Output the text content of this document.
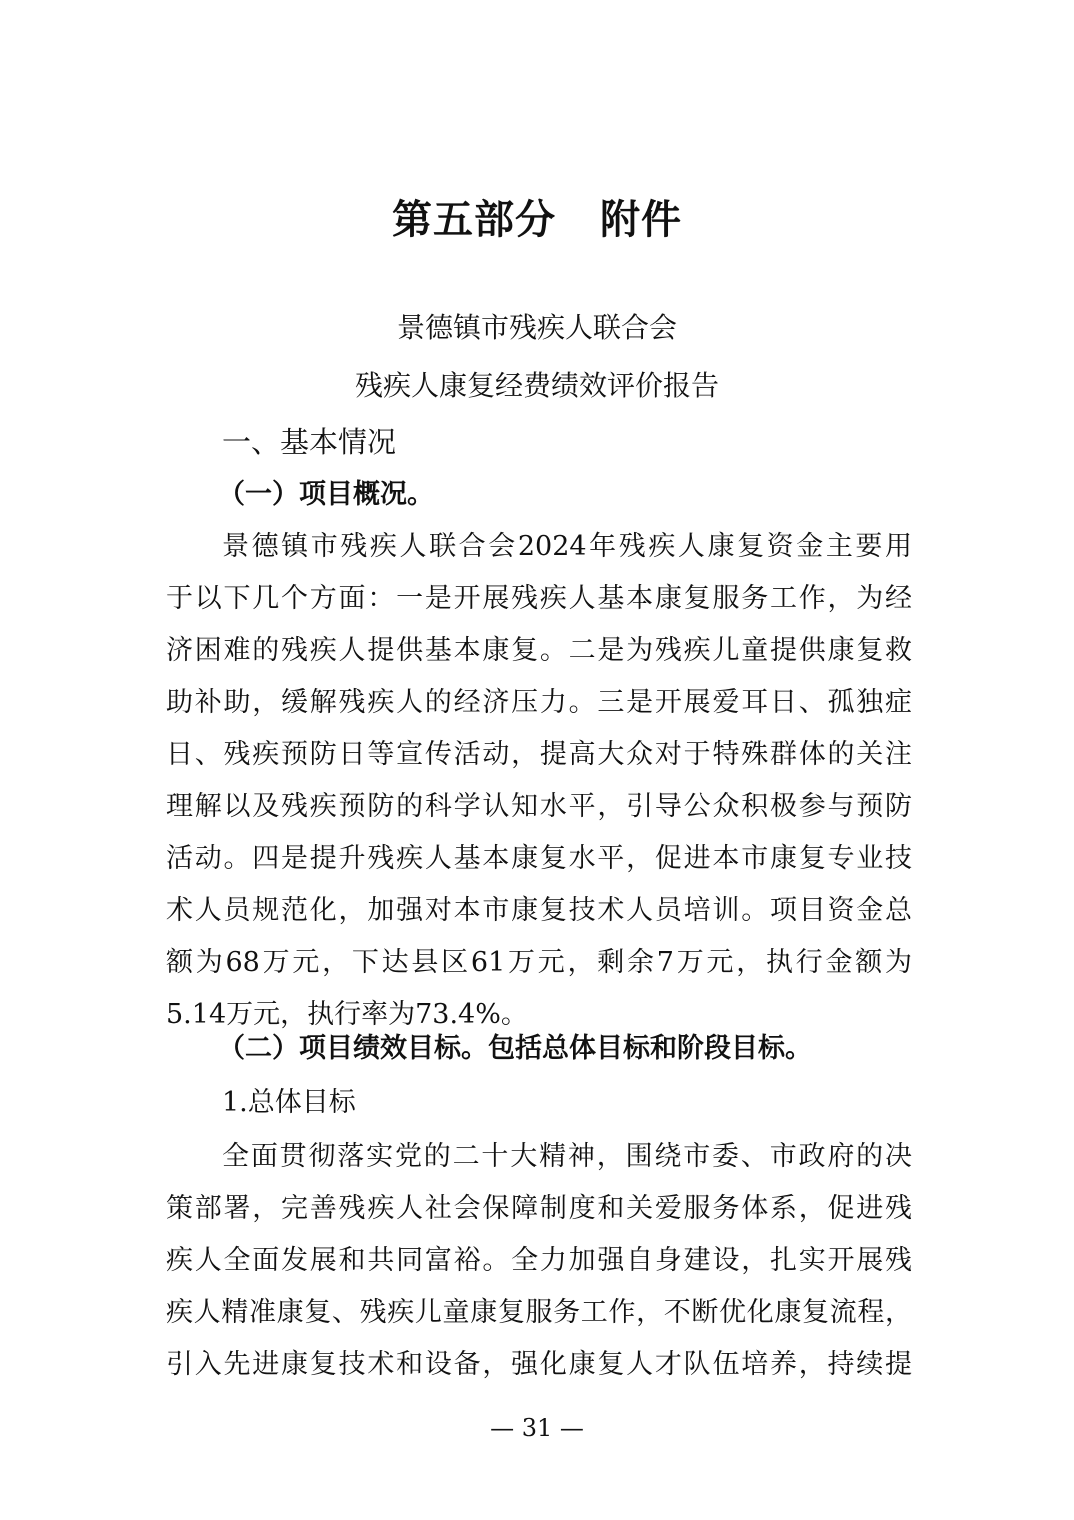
第五部分 附件
景德镇市残疾人联合会
残疾人康复经费绩效评价报告
一、基本情况
（一）项目概况。
景德镇市残疾人联合会2024年残疾人康复资金主要用
于以下几个方面：一是开展残疾人基本康复服务工作，为经
济困难的残疾人提供基本康复。二是为残疾儿童提供康复救
助补助，缓解残疾人的经济压力。三是开展爱耳日、孤独症
日、残疾预防日等宣传活动，提高大众对于特殊群体的关注
理解以及残疾预防的科学认知水平，引导公众积极参与预防
活动。四是提升残疾人基本康复水平，促进本市康复专业技
术人员规范化，加强对本市康复技术人员培训。项目资金总
额为68万元，下达县区61万元，剩余7万元，执行金额为
5.14万元，执行率为73.4%。
（二）项目绩效目标。包括总体目标和阶段目标。
1.总体目标
全面贯彻落实党的二十大精神，围绕市委、市政府的决
策部署，完善残疾人社会保障制度和关爱服务体系，促进残
疾人全面发展和共同富裕。全力加强自身建设，扎实开展残
疾人精准康复、残疾儿童康复服务工作，不断优化康复流程，
引入先进康复技术和设备，强化康复人才队伍培养，持续提
— 31 —
